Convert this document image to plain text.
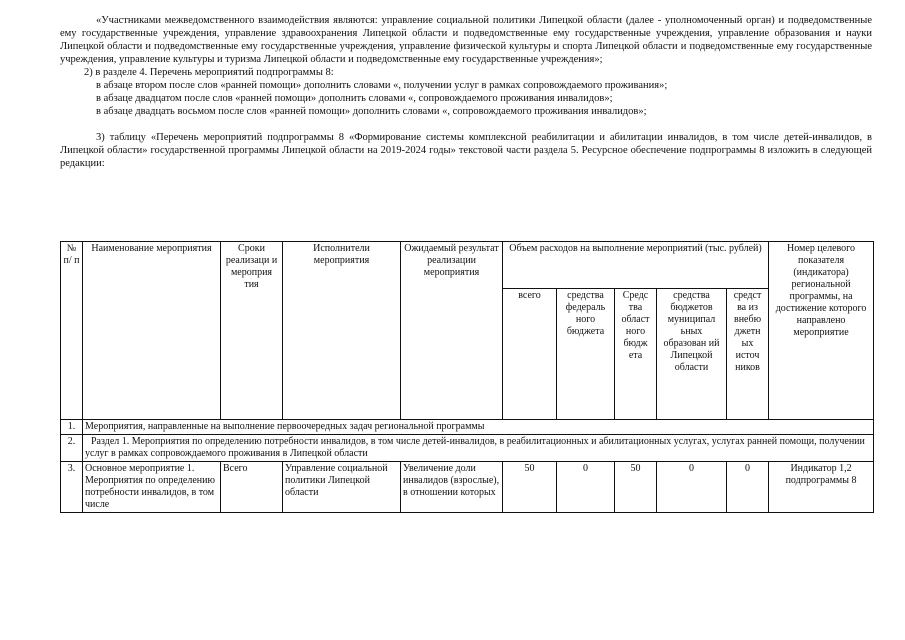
«Участниками межведомственного взаимодействия являются: управление социальной политики Липецкой области (далее - уполномоченный орган) и подведомственные ему государственные учреждения, управление здравоохранения Липецкой области и подведомственные ему государственные учреждения, управление образования и науки Липецкой области и подведомственные ему государственные учреждения, управление физической культуры и спорта Липецкой области и подведомственные ему государственные учреждения, управление культуры и туризма Липецкой области и подведомственные ему государственные учреждения»;

2) в разделе 4. Перечень мероприятий подпрограммы 8:

в абзаце втором после слов «ранней помощи» дополнить словами «, получении услуг в рамках сопровождаемого проживания»;

в абзаце двадцатом после слов «ранней помощи» дополнить словами «, сопровождаемого проживания инвалидов»;

в абзаце двадцать восьмом после слов «ранней помощи» дополнить словами «, сопровождаемого проживания инвалидов»;

3) таблицу «Перечень мероприятий подпрограммы 8 «Формирование системы комплексной реабилитации и абилитации инвалидов, в том числе детей-инвалидов, в Липецкой области» государственной программы Липецкой области на 2019-2024 годы» текстовой части раздела 5. Ресурсное обеспечение подпрограммы 8 изложить в следующей редакции:

№ п/ п	Наименование мероприятия	Сроки реализаци и мероприя тия	Исполнители мероприятия	Ожидаемый результат реализации мероприятия	Объем расходов на выполнение мероприятий (тыс. рублей)					Номер целевого показателя (индикатора) региональной программы, на достижение которого направлено мероприятие
					всего	средства федераль ного бюджета	Средс тва област ного бюдж ета	средства бюджетов муниципал ьных образован ий Липецкой области	средст ва из внебю джетн ых источ ников	
1.	Мероприятия, направленные на выполнение первоочередных задач региональной программы									
2.	Раздел 1. Мероприятия по определению потребности инвалидов, в том числе детей-инвалидов, в реабилитационных и абилитационных услугах, услугах ранней помощи, получении услуг в рамках сопровождаемого проживания в Липецкой области									
3.	Основное мероприятие 1. Мероприятия по определению потребности инвалидов, в том числе	Всего	Управление социальной политики Липецкой области	Увеличение доли инвалидов (взрослые), в отношении которых	50	0	50	0	0	Индикатор 1,2 подпрограммы 8
